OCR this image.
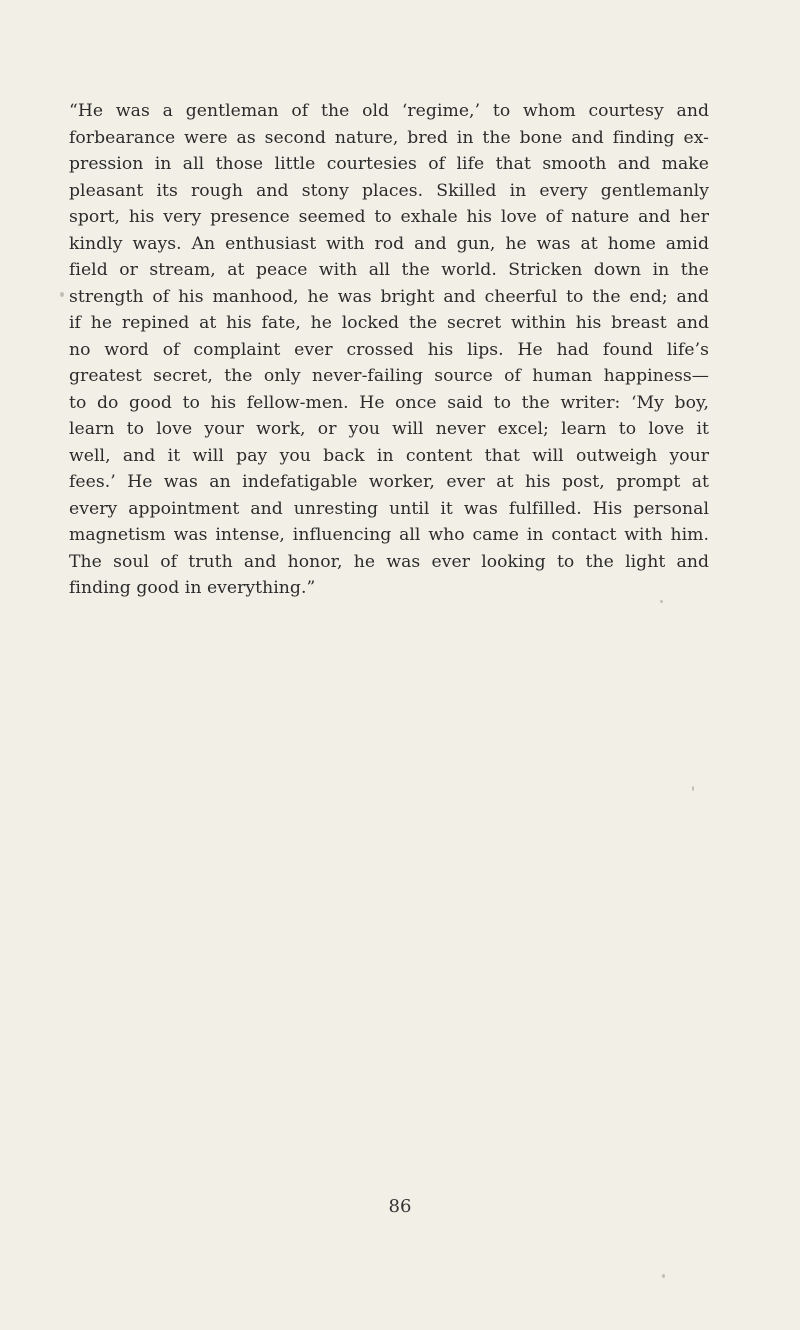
“He was a gentleman of the old ‘regime,’ to whom courtesy and
forbearance were as second nature, bred in the bone and finding ex-
pression in all those little courtesies of life that smooth and make
pleasant its rough and stony places. Skilled in every gentlemanly
sport, his very presence seemed to exhale his love of nature and her
kindly ways. An enthusiast with rod and gun, he was at home amid
field or stream, at peace with all the world. Stricken down in the
strength of his manhood, he was bright and cheerful to the end; and
if he repined at his fate, he locked the secret within his breast and
no word of complaint ever crossed his lips. He had found life’s
greatest secret, the only never-failing source of human happiness—
to do good to his fellow-men. He once said to the writer: ‘My boy,
learn to love your work, or you will never excel; learn to love it
well, and it will pay you back in content that will outweigh your
fees.’ He was an indefatigable worker, ever at his post, prompt at
every appointment and unresting until it was fulfilled. His personal
magnetism was intense, influencing all who came in contact with him.
The soul of truth and honor, he was ever looking to the light and
finding good in everything.”
86
